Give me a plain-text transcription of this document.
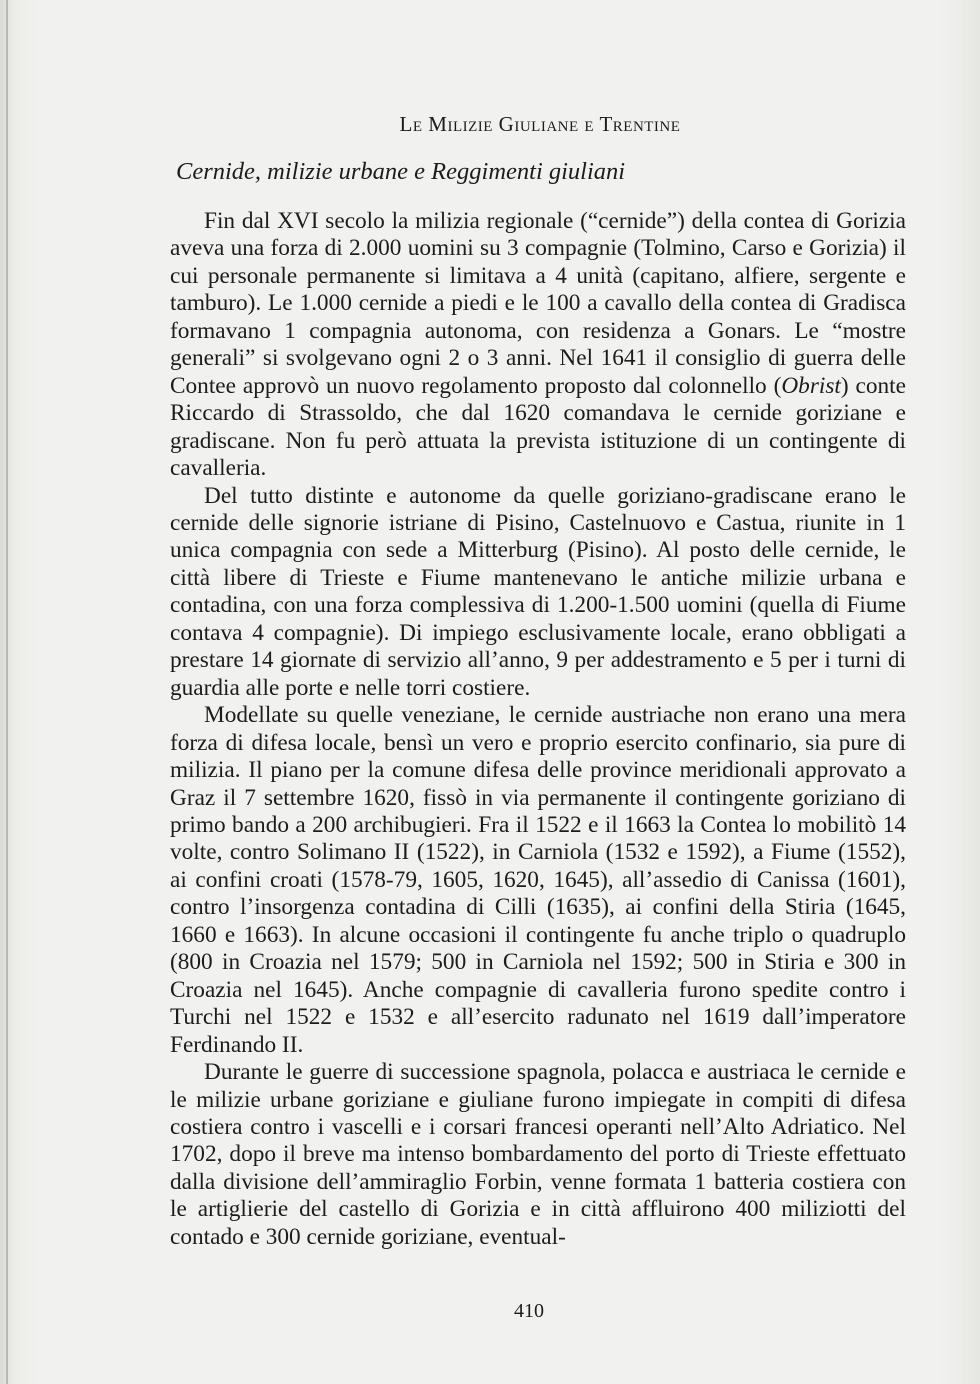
Le Milizie Giuliane e Trentine
Cernide, milizie urbane e Reggimenti giuliani

Fin dal XVI secolo la milizia regionale (“cernide”) della contea di Gorizia aveva una forza di 2.000 uomini su 3 compagnie (Tolmino, Carso e Gorizia) il cui personale permanente si limitava a 4 unità (capitano, alfiere, sergente e tamburo). Le 1.000 cernide a piedi e le 100 a cavallo della contea di Gradisca formavano 1 compagnia autonoma, con residenza a Gonars. Le “mostre generali” si svolgevano ogni 2 o 3 anni. Nel 1641 il consiglio di guerra delle Contee approvò un nuovo regolamento proposto dal colonnello (Obrist) conte Riccardo di Strassoldo, che dal 1620 comandava le cernide goriziane e gradiscane. Non fu però attuata la prevista istituzione di un contingente di cavalleria.

Del tutto distinte e autonome da quelle goriziano-gradiscane erano le cernide delle signorie istriane di Pisino, Castelnuovo e Castua, riunite in 1 unica compagnia con sede a Mitterburg (Pisino). Al posto delle cernide, le città libere di Trieste e Fiume mantenevano le antiche milizie urbana e contadina, con una forza complessiva di 1.200-1.500 uomini (quella di Fiume contava 4 compagnie). Di impiego esclusivamente locale, erano obbligati a prestare 14 giornate di servizio all’anno, 9 per addestramento e 5 per i turni di guardia alle porte e nelle torri costiere.

Modellate su quelle veneziane, le cernide austriache non erano una mera forza di difesa locale, bensì un vero e proprio esercito confinario, sia pure di milizia. Il piano per la comune difesa delle province meridionali approvato a Graz il 7 settembre 1620, fissò in via permanente il contingente goriziano di primo bando a 200 archibugieri. Fra il 1522 e il 1663 la Contea lo mobilitò 14 volte, contro Solimano II (1522), in Carniola (1532 e 1592), a Fiume (1552), ai confini croati (1578-79, 1605, 1620, 1645), all’assedio di Canissa (1601), contro l’insorgenza contadina di Cilli (1635), ai confini della Stiria (1645, 1660 e 1663). In alcune occasioni il contingente fu anche triplo o quadruplo (800 in Croazia nel 1579; 500 in Carniola nel 1592; 500 in Stiria e 300 in Croazia nel 1645). Anche compagnie di cavalleria furono spedite contro i Turchi nel 1522 e 1532 e all’esercito radunato nel 1619 dall’imperatore Ferdinando II.

Durante le guerre di successione spagnola, polacca e austriaca le cernide e le milizie urbane goriziane e giuliane furono impiegate in compiti di difesa costiera contro i vascelli e i corsari francesi operanti nell’Alto Adriatico. Nel 1702, dopo il breve ma intenso bombardamento del porto di Trieste effettuato dalla divisione dell’ammiraglio Forbin, venne formata 1 batteria costiera con le artiglierie del castello di Gorizia e in città affluirono 400 miliziotti del contado e 300 cernide goriziane, eventual-

410
